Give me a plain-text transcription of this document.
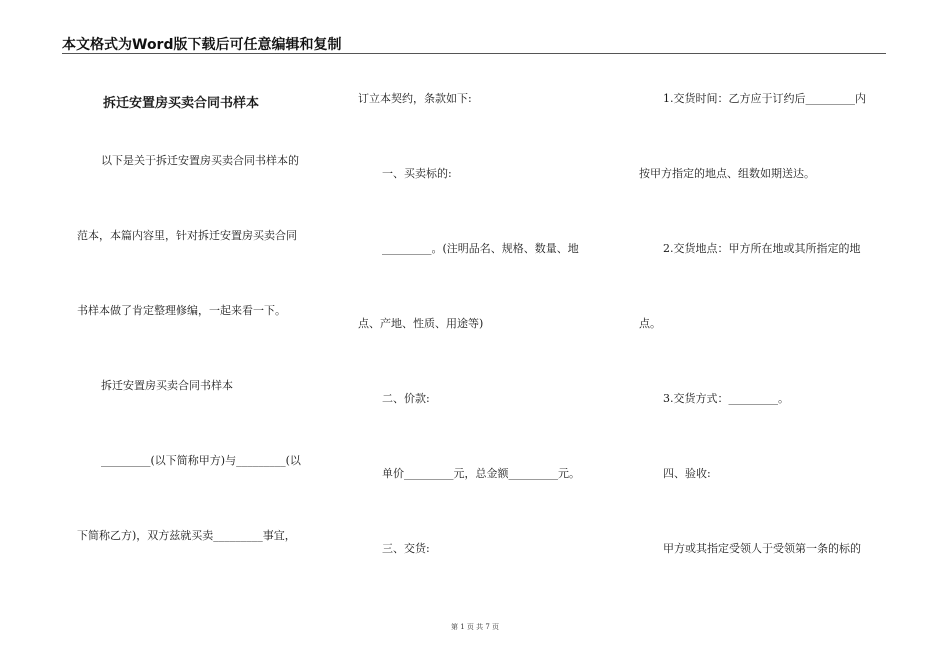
本文格式为Word版下载后可任意编辑和复制
拆迁安置房买卖合同书样本
以下是关于拆迁安置房买卖合同书样本的
范本，本篇内容里，针对拆迁安置房买卖合同
书样本做了肯定整理修编，一起来看一下。
拆迁安置房买卖合同书样本
_________(以下简称甲方)与_________(以
下简称乙方)，双方兹就买卖_________事宜，
订立本契约，条款如下:
一、买卖标的:
_________。(注明品名、规格、数量、地
点、产地、性质、用途等)
二、价款:
单价_________元，总金额_________元。
三、交货:
1.交货时间：乙方应于订约后_________内
按甲方指定的地点、组数如期送达。
2.交货地点：甲方所在地或其所指定的地
点。
3.交货方式：_________。
四、验收:
甲方或其指定受领人于受领第一条的标的
第 1 页 共 7 页
